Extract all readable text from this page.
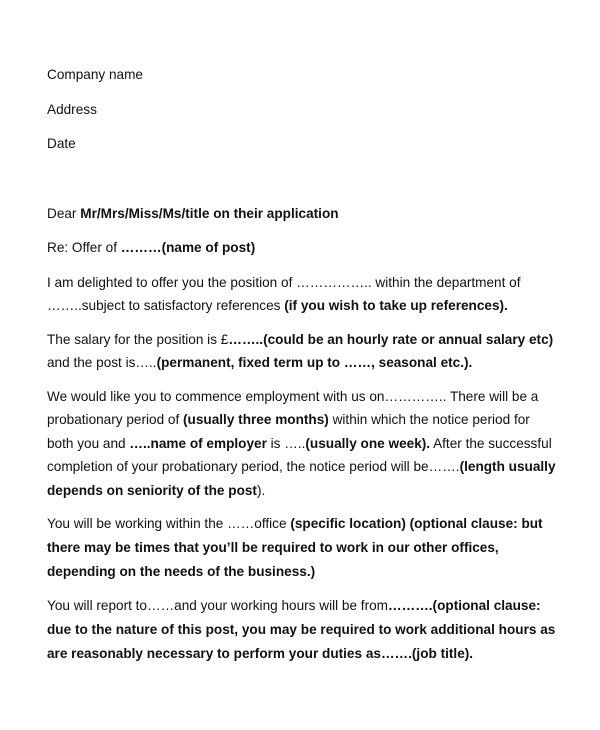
Company name
Address
Date
Dear Mr/Mrs/Miss/Ms/title on their application
Re: Offer of ………(name of post)
I am delighted to offer you the position of …………….. within the department of
……..subject to satisfactory references (if you wish to take up references).
The salary for the position is £……..(could be an hourly rate or annual salary etc)
and the post is…..(permanent, fixed term up to ……, seasonal etc.).
We would like you to commence employment with us on………….. There will be a
probationary period of (usually three months) within which the notice period for
both you and …..name of employer is …..(usually one week). After the successful
completion of your probationary period, the notice period will be…….(length usually
depends on seniority of the post).
You will be working within the ……office (specific location) (optional clause: but
there may be times that you’ll be required to work in our other offices,
depending on the needs of the business.)
You will report to……and your working hours will be from……….(optional clause:
due to the nature of this post, you may be required to work additional hours as
are reasonably necessary to perform your duties as…….(job title).
